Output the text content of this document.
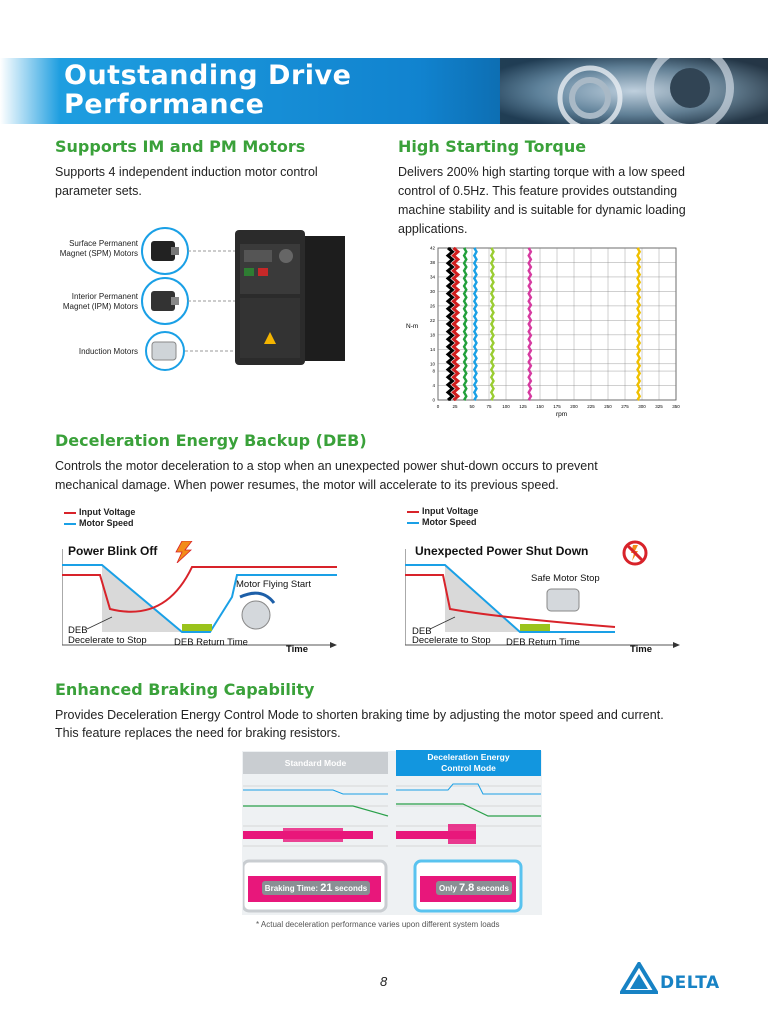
Outstanding Drive
Performance
Supports IM and PM Motors
Supports 4 independent induction motor control
parameter sets.
Surface Permanent
Magnet (SPM) Motors
Interior Permanent
Magnet (IPM) Motors
Induction Motors
High Starting Torque
Delivers 200% high starting torque with a low speed
control of 0.5Hz. This feature provides outstanding
machine stability and is suitable for dynamic loading
applications.
0	25	50	75 100 125 150 175 200 225 250 275 300 325 350
0
4
8
10
14
18
22
26
30
34
38
42
N-m
rpm
Deceleration Energy Backup (DEB)
Controls the motor deceleration to a stop when an unexpected power shut-down occurs to prevent
mechanical damage. When power resumes, the motor will accelerate to its previous speed.
Input Voltage
Motor Speed
Input Voltage
Motor Speed
Power Blink Off
Motor Flying Start
DEB
Decelerate to Stop	DEB Return Time
Time
Unexpected Power Shut Down
Safe Motor Stop
DEB
Decelerate to Stop DEB Return Time
Time
Enhanced Braking Capability
Provides Deceleration Energy Control Mode to shorten braking time by adjusting the motor speed and current.
This feature replaces the need for braking resistors.
Standard Mode
Deceleration Energy
Control Mode
Braking Time: 21 seconds	Only 7.8 seconds
* Actual deceleration performance varies upon different system loads
8	DELTA
